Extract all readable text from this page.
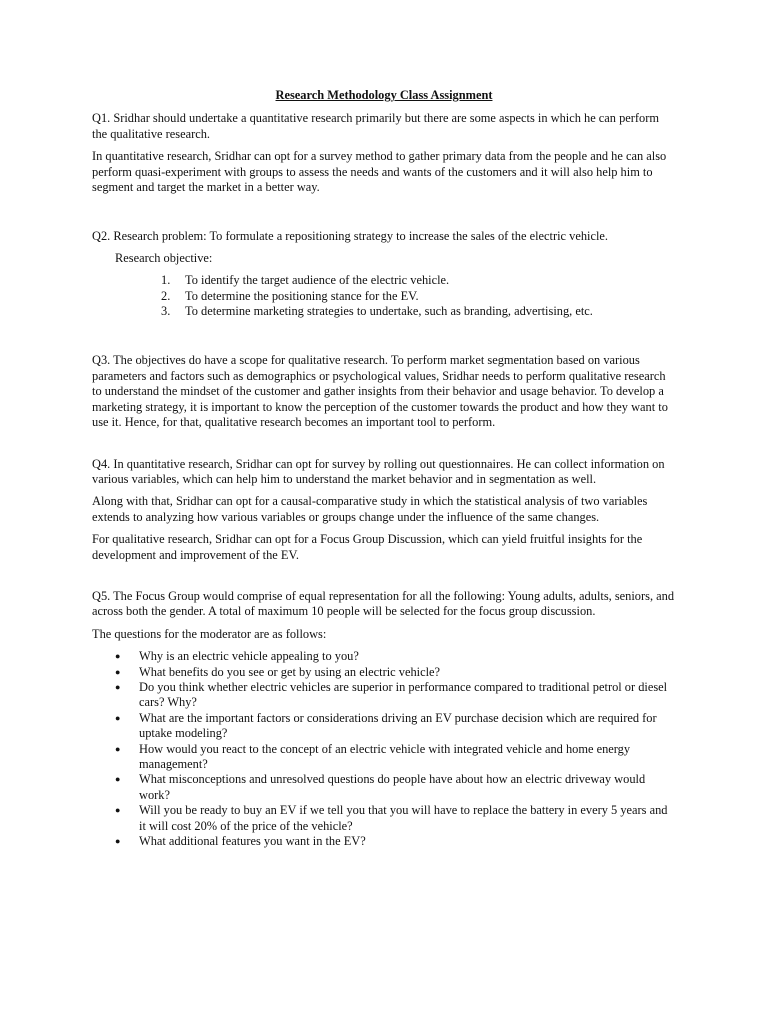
Research Methodology Class Assignment

Q1. Sridhar should undertake a quantitative research primarily but there are some aspects in which he can perform the qualitative research.

In quantitative research, Sridhar can opt for a survey method to gather primary data from the people and he can also perform quasi-experiment with groups to assess the needs and wants of the customers and it will also help him to segment and target the market in a better way.

Q2. Research problem: To formulate a repositioning strategy to increase the sales of the electric vehicle.

Research objective:

1. To identify the target audience of the electric vehicle.
2. To determine the positioning stance for the EV.
3. To determine marketing strategies to undertake, such as branding, advertising, etc.

Q3. The objectives do have a scope for qualitative research. To perform market segmentation based on various parameters and factors such as demographics or psychological values, Sridhar needs to perform qualitative research to understand the mindset of the customer and gather insights from their behavior and usage behavior. To develop a marketing strategy, it is important to know the perception of the customer towards the product and how they want to use it. Hence, for that, qualitative research becomes an important tool to perform.

Q4. In quantitative research, Sridhar can opt for survey by rolling out questionnaires. He can collect information on various variables, which can help him to understand the market behavior and in segmentation as well.

Along with that, Sridhar can opt for a causal-comparative study in which the statistical analysis of two variables extends to analyzing how various variables or groups change under the influence of the same changes.

For qualitative research, Sridhar can opt for a Focus Group Discussion, which can yield fruitful insights for the development and improvement of the EV.

Q5. The Focus Group would comprise of equal representation for all the following: Young adults, adults, seniors, and across both the gender. A total of maximum 10 people will be selected for the focus group discussion.

The questions for the moderator are as follows:

● Why is an electric vehicle appealing to you?
● What benefits do you see or get by using an electric vehicle?
● Do you think whether electric vehicles are superior in performance compared to traditional petrol or diesel cars? Why?
● What are the important factors or considerations driving an EV purchase decision which are required for uptake modeling?
● How would you react to the concept of an electric vehicle with integrated vehicle and home energy management?
● What misconceptions and unresolved questions do people have about how an electric driveway would work?
● Will you be ready to buy an EV if we tell you that you will have to replace the battery in every 5 years and it will cost 20% of the price of the vehicle?
● What additional features you want in the EV?
